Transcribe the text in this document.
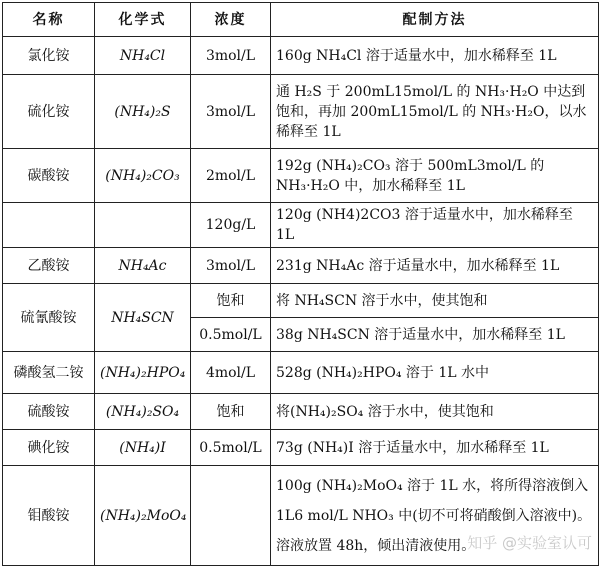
名称	化学式	浓度	配制方法
氯化铵	NH₄Cl	3mol/L	160g NH₄Cl 溶于适量水中，加水稀释至 1L
硫化铵	(NH₄)₂S	3mol/L	通 H₂S 于 200mL15mol/L 的 NH₃·H₂O 中达到饱和，再加 200mL15mol/L 的 NH₃·H₂O，以水稀释至 1L
碳酸铵	(NH₄)₂CO₃	2mol/L	192g (NH₄)₂CO₃ 溶于 500mL3mol/L 的 NH₃·H₂O 中，加水稀释至 1L
		120g/L	120g (NH4)2CO3 溶于适量水中，加水稀释至 1L
乙酸铵	NH₄Ac	3mol/L	231g NH₄Ac 溶于适量水中，加水稀释至 1L
硫氰酸铵	NH₄SCN	饱和	将 NH₄SCN 溶于水中，使其饱和
		0.5mol/L	38g NH₄SCN 溶于适量水中，加水稀释至 1L
磷酸氢二铵	(NH₄)₂HPO₄	4mol/L	528g (NH₄)₂HPO₄ 溶于 1L 水中
硫酸铵	(NH₄)₂SO₄	饱和	将(NH₄)₂SO₄ 溶于水中，使其饱和
碘化铵	(NH₄)I	0.5mol/L	73g (NH₄)I 溶于适量水中，加水稀释至 1L
钼酸铵	(NH₄)₂MoO₄		100g (NH₄)₂MoO₄ 溶于 1L 水，将所得溶液倒入 1L6 mol/L NHO₃ 中(切不可将硝酸倒入溶液中)。溶液放置 48h，倾出清液使用。
知乎 @实验室认可
